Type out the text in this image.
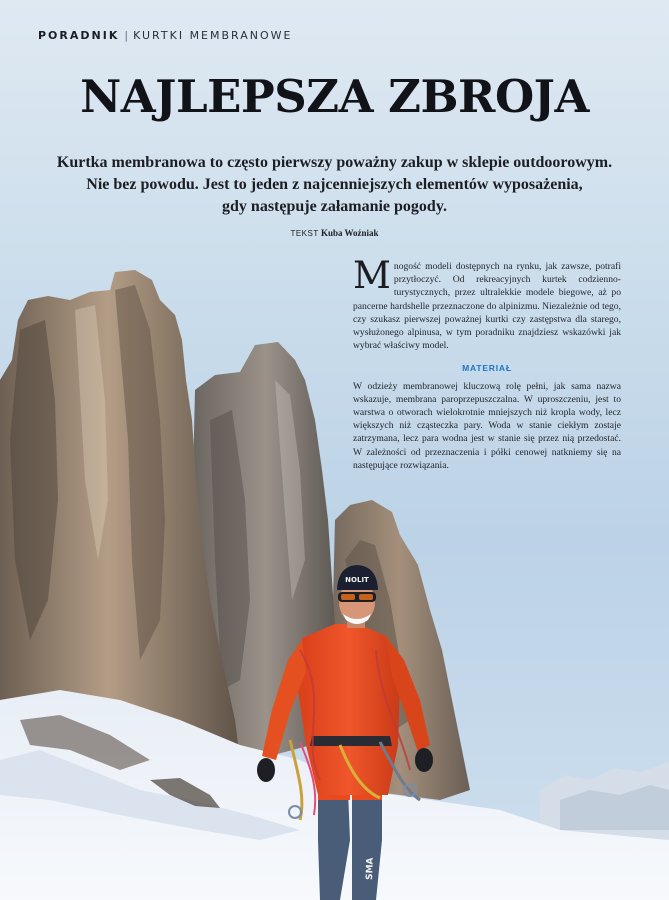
SMA
NOLIT
PORADNIK | KURTKI MEMBRANOWE
NAJLEPSZA ZBROJA
Kurtka membranowa to często pierwszy poważny zakup w sklepie outdoorowym.
Nie bez powodu. Jest to jeden z najcenniejszych elementów wyposażenia,
gdy następuje załamanie pogody.
TEKST Kuba Woźniak

Mnogość modeli dostępnych na rynku, jak zawsze, potrafi przytłoczyć. Od rekreacyjnych kurtek codzienno-turystycznych, przez ultralekkie modele biegowe, aż po pancerne hardshelle przeznaczone do alpinizmu. Niezależnie od tego, czy szukasz pierwszej poważnej kurtki czy zastępstwa dla starego, wysłużonego alpinusa, w tym poradniku znajdziesz wskazówki jak wybrać właściwy model.

MATERIAŁ

W odzieży membranowej kluczową rolę pełni, jak sama nazwa wskazuje, membrana paroprzepuszczalna. W uproszczeniu, jest to warstwa o otworach wielokrotnie mniejszych niż kropla wody, lecz większych niż cząsteczka pary. Woda w stanie ciekłym zostaje zatrzymana, lecz para wodna jest w stanie się przez nią przedostać. W zależności od przeznaczenia i półki cenowej natkniemy się na następujące rozwiązania.
